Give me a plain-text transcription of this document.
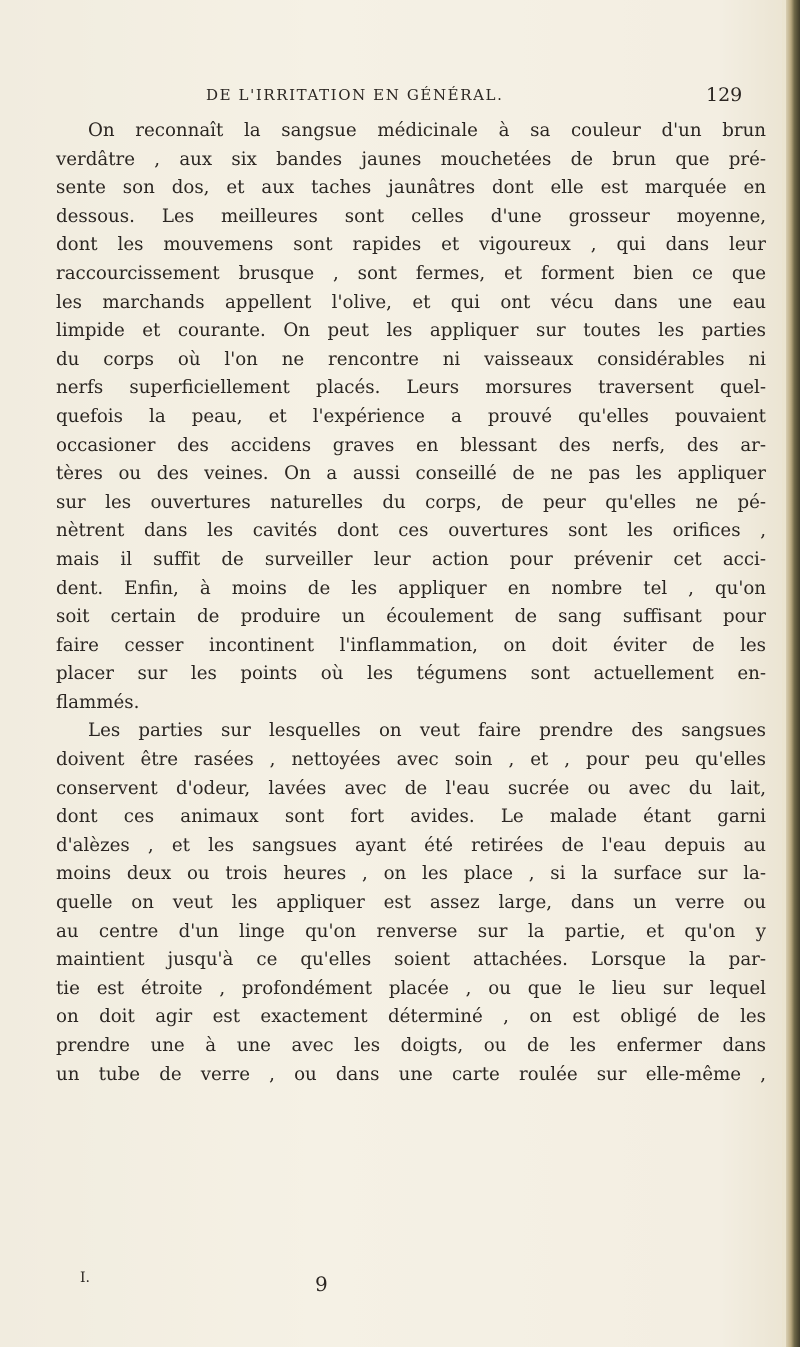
DE L'IRRITATION EN GÉNÉRAL.	129
On reconnaît la sangsue médicinale à sa couleur d'un brun
verdâtre , aux six bandes jaunes mouchetées de brun que pré-
sente son dos, et aux taches jaunâtres dont elle est marquée en
dessous. Les meilleures sont celles d'une grosseur moyenne,
dont les mouvemens sont rapides et vigoureux , qui dans leur
raccourcissement brusque , sont fermes, et forment bien ce que
les marchands appellent l'olive, et qui ont vécu dans une eau
limpide et courante. On peut les appliquer sur toutes les parties
du corps où l'on ne rencontre ni vaisseaux considérables ni
nerfs superficiellement placés. Leurs morsures traversent quel-
quefois la peau, et l'expérience a prouvé qu'elles pouvaient
occasioner des accidens graves en blessant des nerfs, des ar-
tères ou des veines. On a aussi conseillé de ne pas les appliquer
sur les ouvertures naturelles du corps, de peur qu'elles ne pé-
nètrent dans les cavités dont ces ouvertures sont les orifices ,
mais il suffit de surveiller leur action pour prévenir cet acci-
dent. Enfin, à moins de les appliquer en nombre tel , qu'on
soit certain de produire un écoulement de sang suffisant pour
faire cesser incontinent l'inflammation, on doit éviter de les
placer sur les points où les tégumens sont actuellement en-
flammés.
Les parties sur lesquelles on veut faire prendre des sangsues
doivent être rasées , nettoyées avec soin , et , pour peu qu'elles
conservent d'odeur, lavées avec de l'eau sucrée ou avec du lait,
dont ces animaux sont fort avides. Le malade étant garni
d'alèzes , et les sangsues ayant été retirées de l'eau depuis au
moins deux ou trois heures , on les place , si la surface sur la-
quelle on veut les appliquer est assez large, dans un verre ou
au centre d'un linge qu'on renverse sur la partie, et qu'on y
maintient jusqu'à ce qu'elles soient attachées. Lorsque la par-
tie est étroite , profondément placée , ou que le lieu sur lequel
on doit agir est exactement déterminé , on est obligé de les
prendre une à une avec les doigts, ou de les enfermer dans
un tube de verre , ou dans une carte roulée sur elle-même ,
I.	9
